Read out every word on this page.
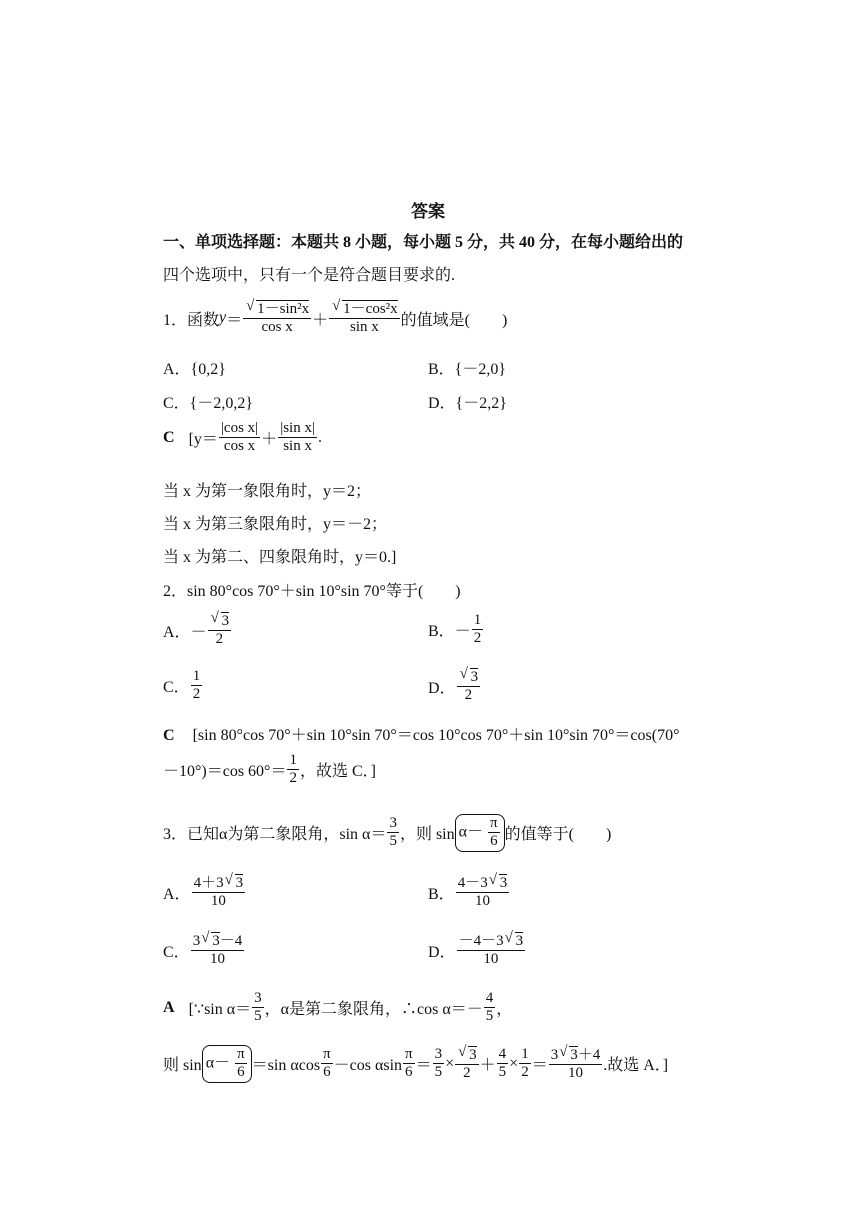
答案
一、单项选择题：本题共 8 小题，每小题 5 分，共 40 分，在每小题给出的
四个选项中，只有一个是符合题目要求的.
1．函数 y ＝ √ $\frac{\text{1－sin²x}}{\text{cos x}}$ ＋ √ $\frac{\text{1－cos²x}}{\text{sin x}}$ 的值域是(　　)
A．{0,2}	B．{－2,0}
C．{－2,0,2}	D．{－2,2}
C [$y= \frac{\text{|cos x|}}{\text{cos x}} + \frac{\text{|sin x|}}{\text{sin x}}$ .
当 x 为第一象限角时，y＝2；
当 x 为第三象限角时，y＝－2；
当 x 为第二、四象限角时，y＝0.]
2．sin 80°cos 70°＋sin 10°sin 70°等于(　　)
A．－ √ $\frac{3}{2}$	B．－ $\frac{1}{2}$
C． $\frac{1}{2}$	D． √ $\frac{3}{2}$
C [sin 80°cos 70°＋sin 10°sin 70°＝cos 10°cos 70°＋sin 10°sin 70°＝cos(70°
－10°)＝cos $60^\circ= \frac{1}{2}$ ，故选 C．]
3．已知α为第二象限角，$\sin \alpha= \frac{3}{5}$ ，则 $\sin \alpha- \frac{\pi}{6}$ 的值等于(　　)
A． $\frac{4+3 √ 3}{10}$	B． $\frac{4-3 √ 3}{10}$
C． $\frac{3 √ 3-4}{10}$	D． $\frac{-4-3 √ 3}{10}$
A [∵sin $\alpha= \frac{3}{5}$ ，α是第二象限角，∴cos $\alpha=- \frac{4}{5}$ ，
则 $\sin \alpha- \frac{\pi}{6} =\sin$ αcos $\frac{\pi}{6} -\cos$ αsin $\frac{\pi}{6} = \frac{3}{5}$ × √ $\frac{3}{2} + \frac{4}{5} \times \frac{1}{2} = \frac{3 √ 3+4}{10}$ .故选 A．]
